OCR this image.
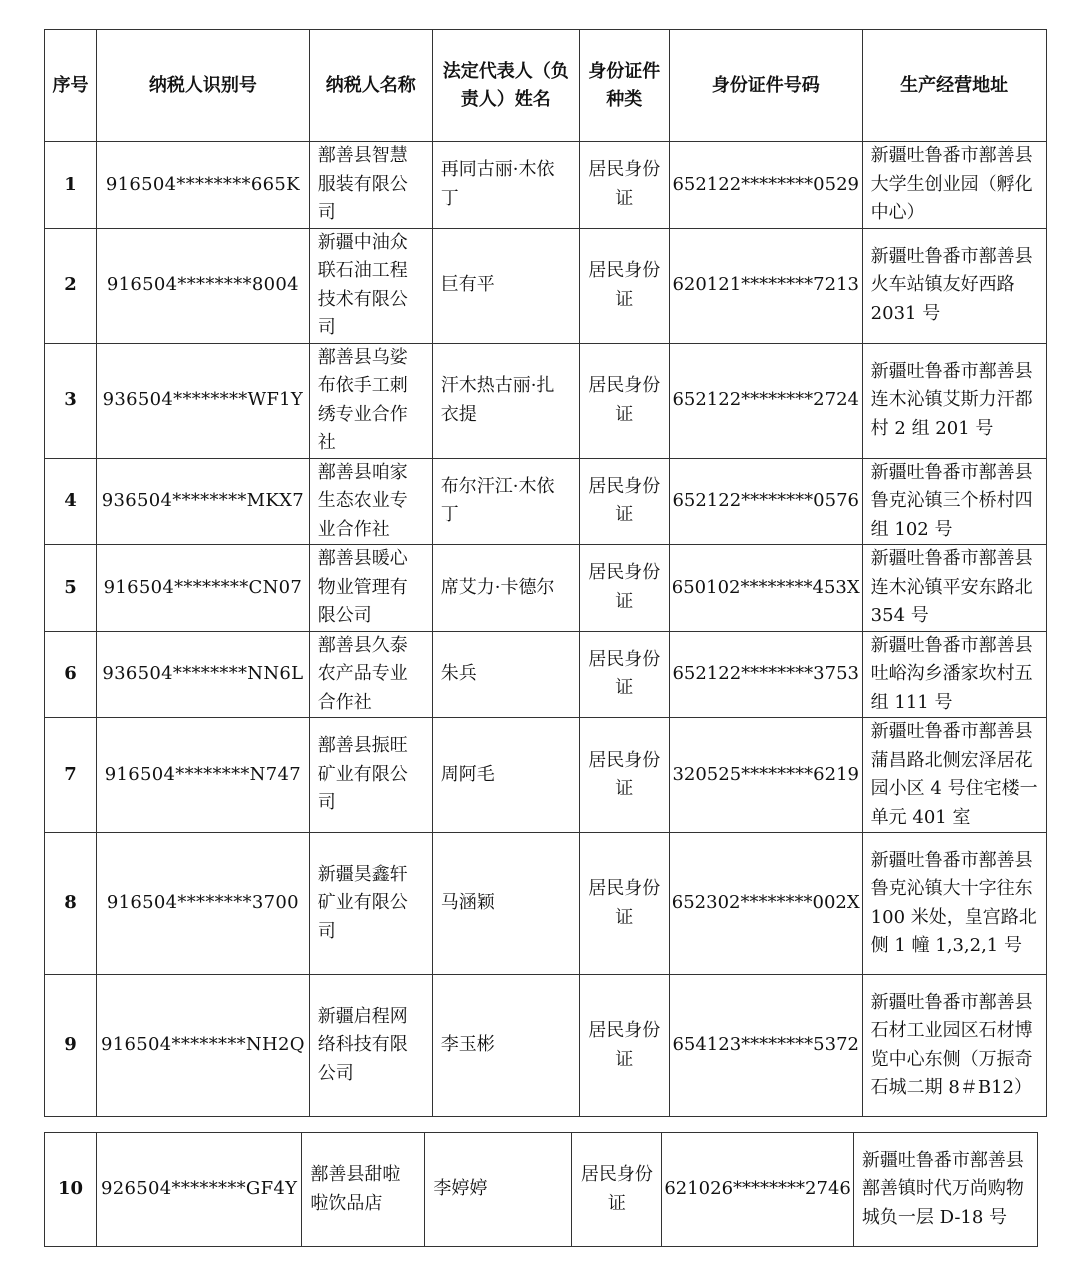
序号	纳税人识别号	纳税人名称	法定代表人（负责人）姓名	身份证件种类	身份证件号码	生产经营地址
1	916504********665K	鄯善县智慧服装有限公司	再同古丽·木依丁	居民身份证	652122********0529	新疆吐鲁番市鄯善县大学生创业园（孵化中心）
2	916504********8004	新疆中油众联石油工程技术有限公司	巨有平	居民身份证	620121********7213	新疆吐鲁番市鄯善县火车站镇友好西路 2031 号
3	936504********WF1Y	鄯善县乌娑布依手工刺绣专业合作社	汗木热古丽·扎衣提	居民身份证	652122********2724	新疆吐鲁番市鄯善县连木沁镇艾斯力汗都村 2 组 201 号
4	936504********MKX7	鄯善县咱家生态农业专业合作社	布尔汗江·木依丁	居民身份证	652122********0576	新疆吐鲁番市鄯善县鲁克沁镇三个桥村四组 102 号
5	916504********CN07	鄯善县暖心物业管理有限公司	席艾力·卡德尔	居民身份证	650102********453X	新疆吐鲁番市鄯善县连木沁镇平安东路北 354 号
6	936504********NN6L	鄯善县久泰农产品专业合作社	朱兵	居民身份证	652122********3753	新疆吐鲁番市鄯善县吐峪沟乡潘家坎村五组 111 号
7	916504********N747	鄯善县振旺矿业有限公司	周阿毛	居民身份证	320525********6219	新疆吐鲁番市鄯善县蒲昌路北侧宏泽居花园小区 4 号住宅楼一单元 401 室
8	916504********3700	新疆昊鑫轩矿业有限公司	马涵颖	居民身份证	652302********002X	新疆吐鲁番市鄯善县鲁克沁镇大十字往东 100 米处，皇宫路北侧 1 幢 1,3,2,1 号
9	916504********NH2Q	新疆启程网络科技有限公司	李玉彬	居民身份证	654123********5372	新疆吐鲁番市鄯善县石材工业园区石材博览中心东侧（万振奇石城二期 8＃B12）
10	926504********GF4Y	鄯善县甜啦啦饮品店	李婷婷	居民身份证	621026********2746	新疆吐鲁番市鄯善县鄯善镇时代万尚购物城负一层 D-18 号
